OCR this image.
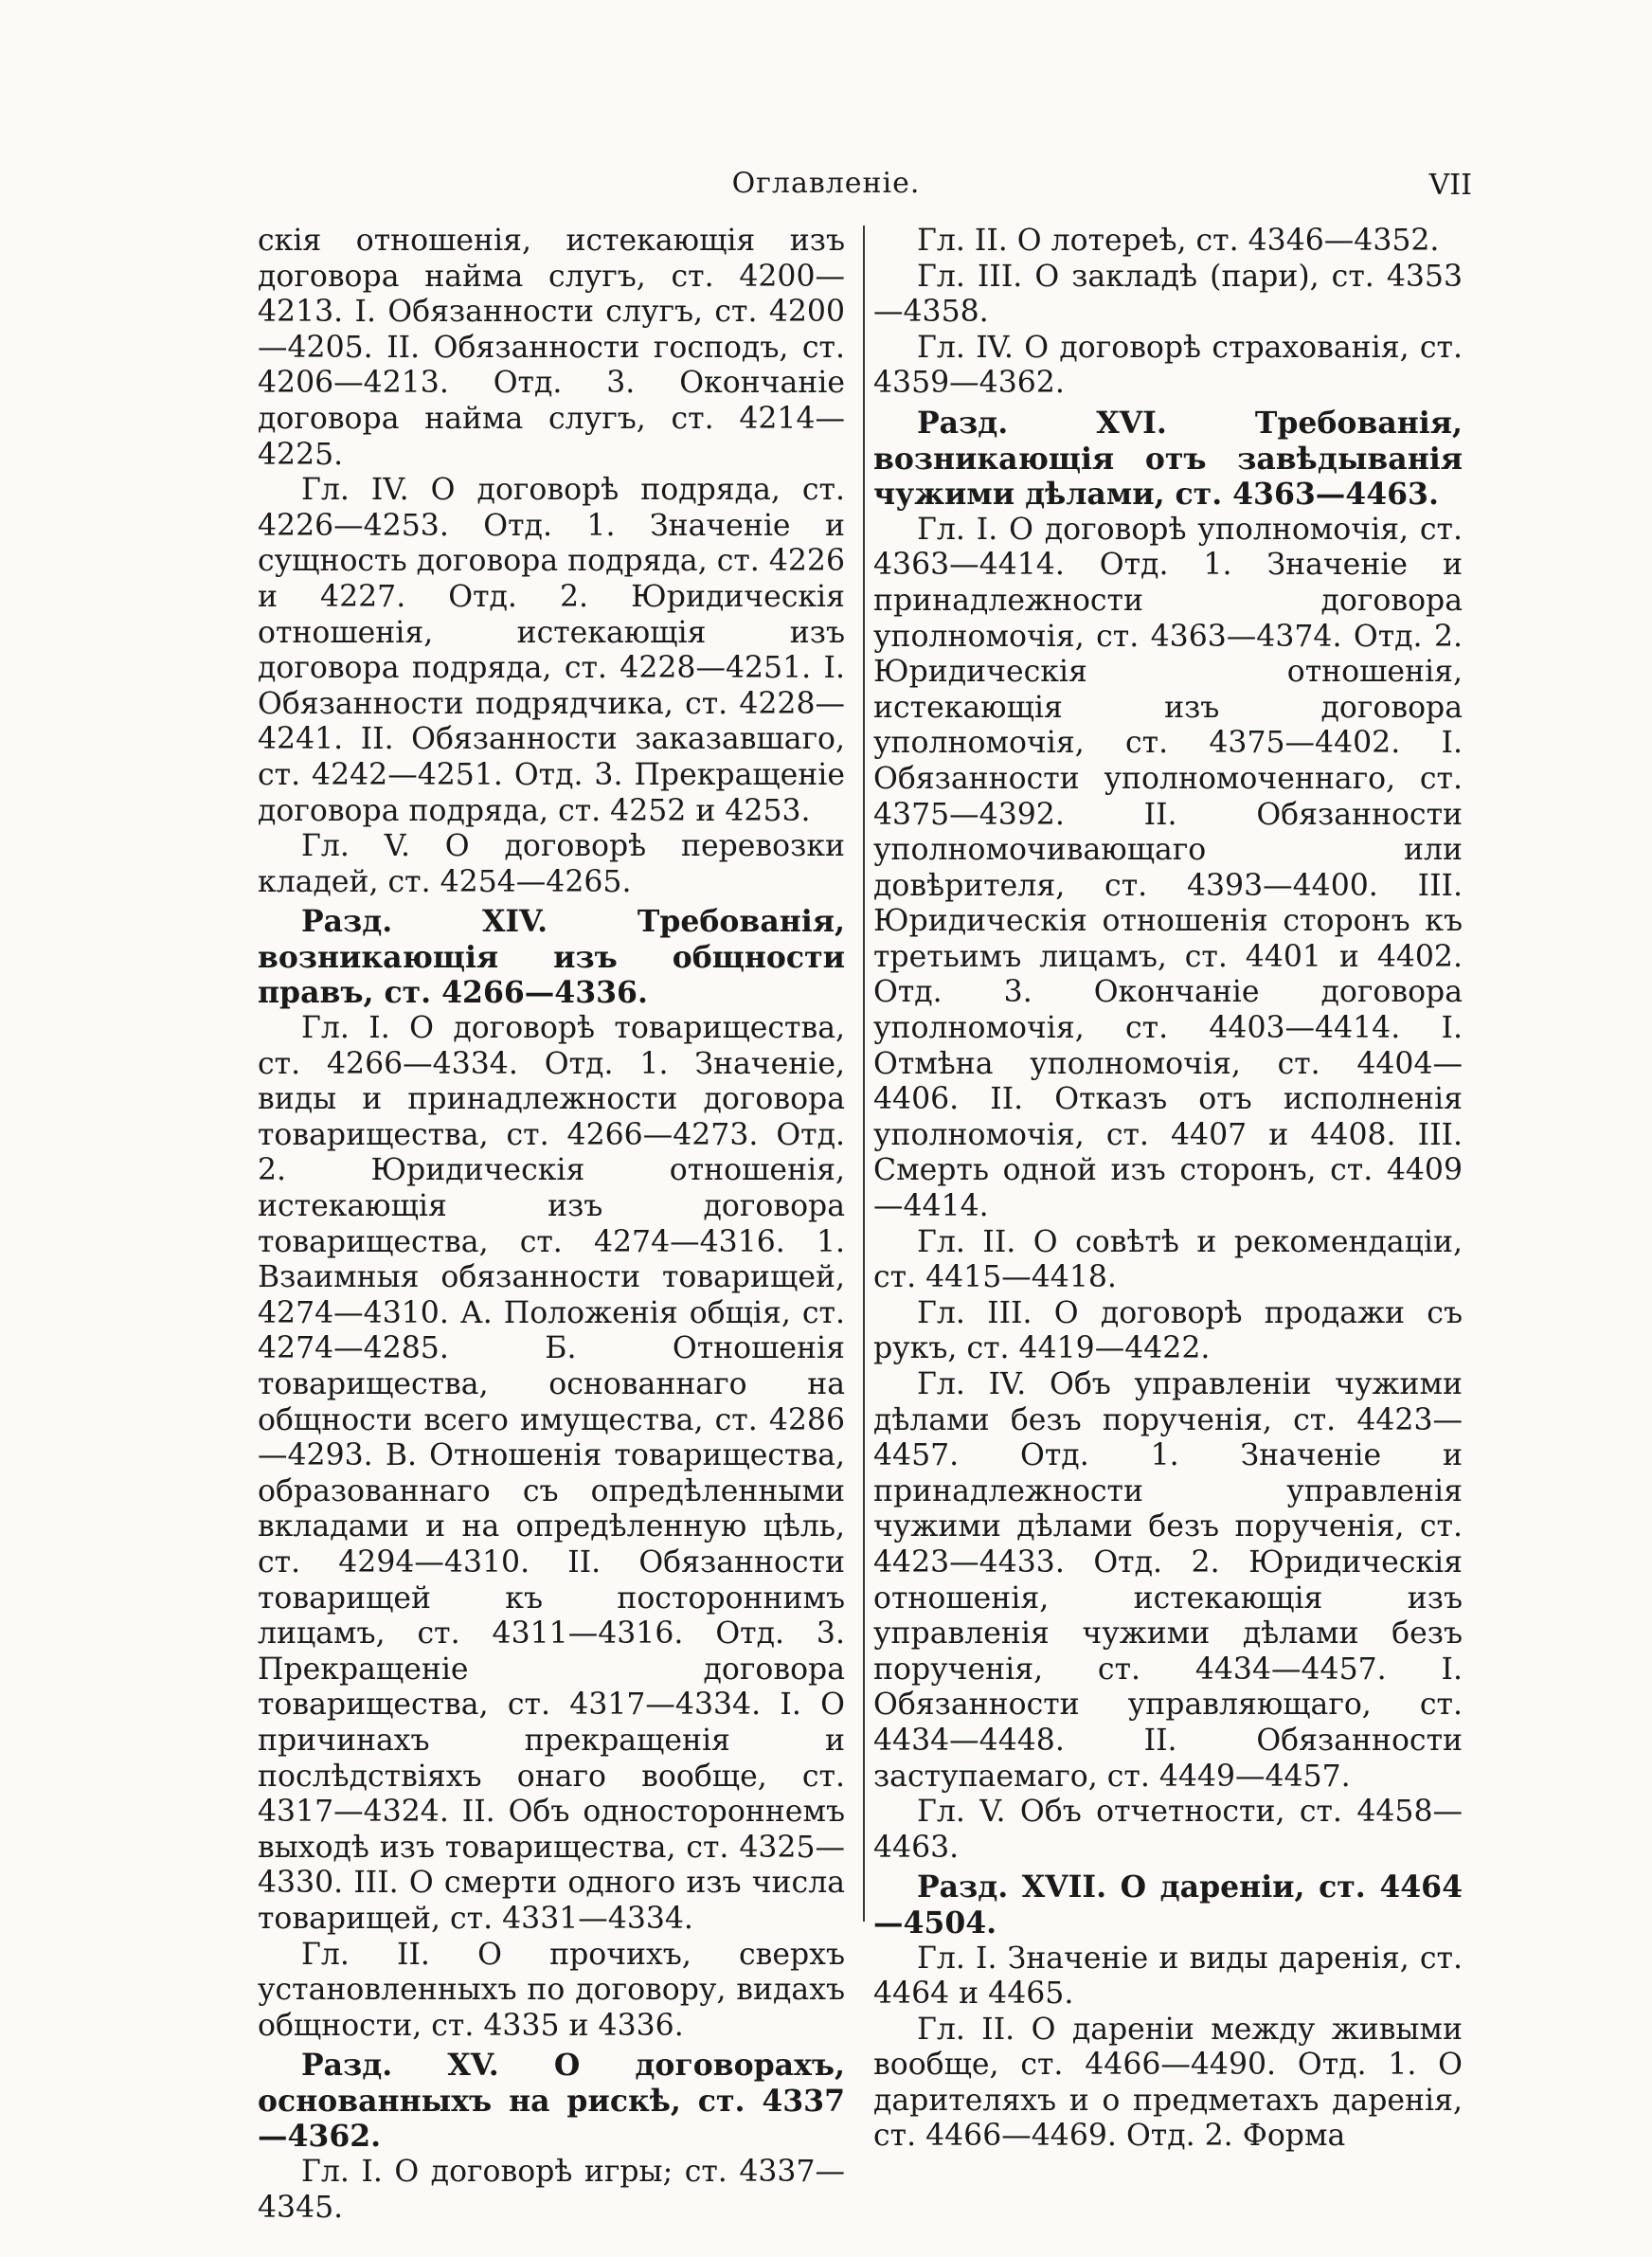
Оглавленіе.	VII

скія отношенія, истекающія изъ договора найма слугъ, ст. 4200—4213. I. Обязанности слугъ, ст. 4200—4205. II. Обязанности господъ, ст. 4206—4213. Отд. 3. Окончаніе договора найма слугъ, ст. 4214—4225.

Гл. IV. О договорѣ подряда, ст. 4226—4253. Отд. 1. Значеніе и сущность договора подряда, ст. 4226 и 4227. Отд. 2. Юридическія отношенія, истекающія изъ договора подряда, ст. 4228—4251. I. Обязанности подрядчика, ст. 4228—4241. II. Обязанности заказавшаго, ст. 4242—4251. Отд. 3. Прекращеніе договора подряда, ст. 4252 и 4253.

Гл. V. О договорѣ перевозки кладей, ст. 4254—4265.

Разд. XIV. Требованія, возникающія изъ общности правъ, ст. 4266—4336.

Гл. I. О договорѣ товарищества, ст. 4266—4334. Отд. 1. Значеніе, виды и принадлежности договора товарищества, ст. 4266—4273. Отд. 2. Юридическія отношенія, истекающія изъ договора товарищества, ст. 4274—4316. 1. Взаимныя обязанности товарищей, 4274—4310. А. Положенія общія, ст. 4274—4285. Б. Отношенія товарищества, основаннаго на общности всего имущества, ст. 4286—4293. В. Отношенія товарищества, образованнаго съ опредѣленными вкладами и на опредѣленную цѣль, ст. 4294—4310. II. Обязанности товарищей къ постороннимъ лицамъ, ст. 4311—4316. Отд. 3. Прекращеніе договора товарищества, ст. 4317—4334. I. О причинахъ прекращенія и послѣдствіяхъ онаго вообще, ст. 4317—4324. II. Объ одностороннемъ выходѣ изъ товарищества, ст. 4325—4330. III. О смерти одного изъ числа товарищей, ст. 4331—4334.

Гл. II. О прочихъ, сверхъ установленныхъ по договору, видахъ общности, ст. 4335 и 4336.

Разд. XV. О договорахъ, основанныхъ на рискѣ, ст. 4337—4362.

Гл. I. О договорѣ игры; ст. 4337—4345.

Гл. II. О лотереѣ, ст. 4346—4352.

Гл. III. О закладѣ (пари), ст. 4353—4358.

Гл. IV. О договорѣ страхованія, ст. 4359—4362.

Разд. XVI. Требованія, возникающія отъ завѣдыванія чужими дѣлами, ст. 4363—4463.

Гл. I. О договорѣ уполномочія, ст. 4363—4414. Отд. 1. Значеніе и принадлежности договора уполномочія, ст. 4363—4374. Отд. 2. Юридическія отношенія, истекающія изъ договора уполномочія, ст. 4375—4402. I. Обязанности уполномоченнаго, ст. 4375—4392. II. Обязанности уполномочивающаго или довѣрителя, ст. 4393—4400. III. Юридическія отношенія сторонъ къ третьимъ лицамъ, ст. 4401 и 4402. Отд. 3. Окончаніе договора уполномочія, ст. 4403—4414. I. Отмѣна уполномочія, ст. 4404—4406. II. Отказъ отъ исполненія уполномочія, ст. 4407 и 4408. III. Смерть одной изъ сторонъ, ст. 4409—4414.

Гл. II. О совѣтѣ и рекомендаціи, ст. 4415—4418.

Гл. III. О договорѣ продажи съ рукъ, ст. 4419—4422.

Гл. IV. Объ управленіи чужими дѣлами безъ порученія, ст. 4423—4457. Отд. 1. Значеніе и принадлежности управленія чужими дѣлами безъ порученія, ст. 4423—4433. Отд. 2. Юридическія отношенія, истекающія изъ управленія чужими дѣлами безъ порученія, ст. 4434—4457. I. Обязанности управляющаго, ст. 4434—4448. II. Обязанности заступаемаго, ст. 4449—4457.

Гл. V. Объ отчетности, ст. 4458—4463.

Разд. XVII. О дареніи, ст. 4464—4504.

Гл. I. Значеніе и виды даренія, ст. 4464 и 4465.

Гл. II. О дареніи между живыми вообще, ст. 4466—4490. Отд. 1. О дарителяхъ и о предметахъ даренія, ст. 4466—4469. Отд. 2. Форма
